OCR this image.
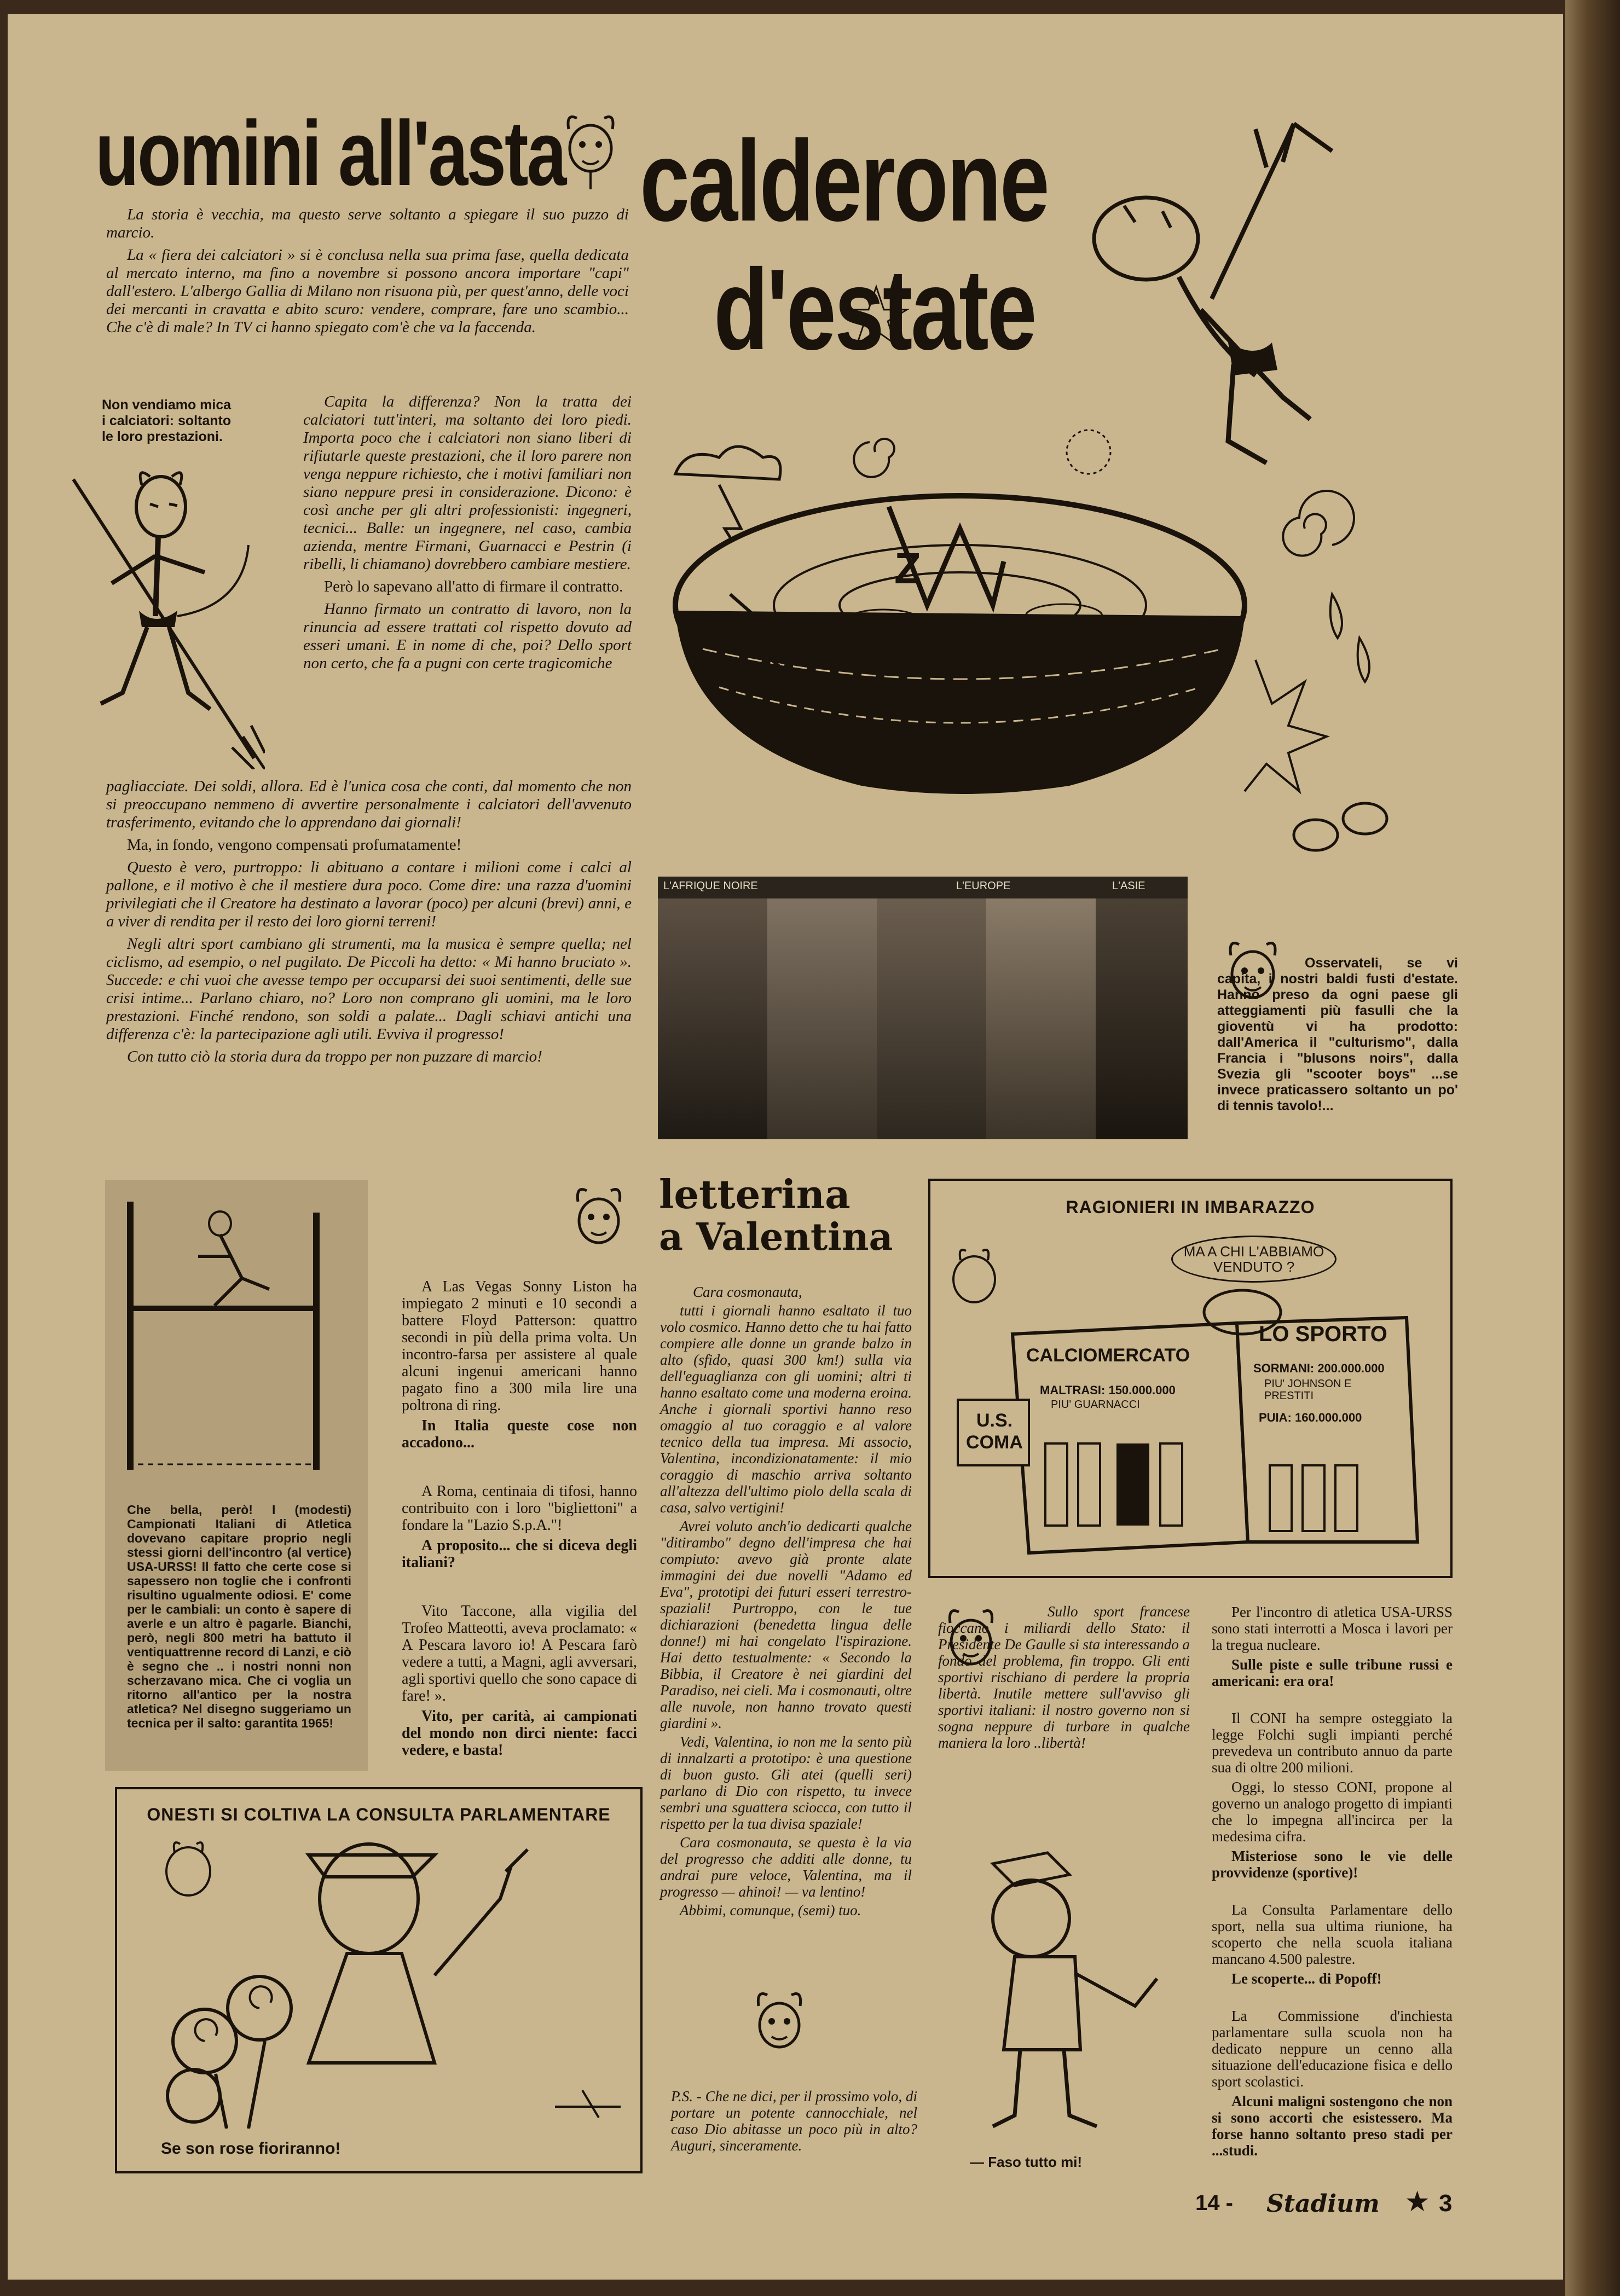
uomini all'asta

La storia è vecchia, ma questo serve soltanto a spiegare il suo puzzo di marcio.

La « fiera dei calciatori » si è conclusa nella sua prima fase, quella dedicata al mercato interno, ma fino a novembre si possono ancora importare "capi" dall'estero. L'albergo Gallia di Milano non risuona più, per quest'anno, delle voci dei mercanti in cravatta e abito scuro: vendere, comprare, fare uno scambio... Che c'è di male? In TV ci hanno spiegato com'è che va la faccenda.

Non vendiamo mica i calciatori: soltanto le loro prestazioni.

Capita la differenza? Non la tratta dei calciatori tutt'interi, ma soltanto dei loro piedi. Importa poco che i calciatori non siano liberi di rifiutarle queste prestazioni, che il loro parere non venga neppure richiesto, che i motivi familiari non siano neppure presi in considerazione. Dicono: è così anche per gli altri professionisti: ingegneri, tecnici... Balle: un ingegnere, nel caso, cambia azienda, mentre Firmani, Guarnacci e Pestrin (i ribelli, li chiamano) dovrebbero cambiare mestiere.

Però lo sapevano all'atto di firmare il contratto.

Hanno firmato un contratto di lavoro, non la rinuncia ad essere trattati col rispetto dovuto ad esseri umani. E in nome di che, poi? Dello sport non certo, che fa a pugni con certe tragicomiche

pagliacciate. Dei soldi, allora. Ed è l'unica cosa che conti, dal momento che non si preoccupano nemmeno di avvertire personalmente i calciatori dell'avvenuto trasferimento, evitando che lo apprendano dai giornali!

Ma, in fondo, vengono compensati profumatamente!

Questo è vero, purtroppo: li abituano a contare i milioni come i calci al pallone, e il motivo è che il mestiere dura poco. Come dire: una razza d'uomini privilegiati che il Creatore ha destinato a lavorar (poco) per alcuni (brevi) anni, e a viver di rendita per il resto dei loro giorni terreni!

Negli altri sport cambiano gli strumenti, ma la musica è sempre quella; nel ciclismo, ad esempio, o nel pugilato. De Piccoli ha detto: « Mi hanno bruciato ». Succede: e chi vuoi che avesse tempo per occuparsi dei suoi sentimenti, delle sue crisi intime... Parlano chiaro, no? Loro non comprano gli uomini, ma le loro prestazioni. Finché rendono, son soldi a palate... Dagli schiavi antichi una differenza c'è: la partecipazione agli utili. Evviva il progresso!

Con tutto ciò la storia dura da troppo per non puzzare di marcio!

calderone
d'estate
Z
L'AFRIQUE NOIRE	L'EUROPE	L'ASIE
Osservateli, se vi capita, i nostri baldi fusti d'estate. Hanno preso da ogni paese gli atteggiamenti più fasulli che la gioventù vi ha prodotto: dall'America il "culturismo", dalla Francia i "blusons noirs", dalla Svezia gli "scooter boys" ...se invece praticassero soltanto un po' di tennis tavolo!...
Che bella, però! I (modesti) Campionati Italiani di Atletica dovevano capitare proprio negli stessi giorni dell'incontro (al vertice) USA-URSS! Il fatto che certe cose si sapessero non toglie che i confronti risultino ugualmente odiosi. E' come per le cambiali: un conto è sapere di averle e un altro è pagarle. Bianchi, però, negli 800 metri ha battuto il ventiquattrenne record di Lanzi, e ciò è segno che .. i nostri nonni non scherzavano mica. Che ci voglia un ritorno all'antico per la nostra atletica? Nel disegno suggeriamo un tecnica per il salto: garantita 1965!

A Las Vegas Sonny Liston ha impiegato 2 minuti e 10 secondi a battere Floyd Patterson: quattro secondi in più della prima volta. Un incontro-farsa per assistere al quale alcuni ingenui americani hanno pagato fino a 300 mila lire una poltrona di ring.

In Italia queste cose non accadono...

A Roma, centinaia di tifosi, hanno contribuito con i loro "bigliettoni" a fondare la "Lazio S.p.A."!

A proposito... che si diceva degli italiani?

Vito Taccone, alla vigilia del Trofeo Matteotti, aveva proclamato: « A Pescara lavoro io! A Pescara farò vedere a tutti, a Magni, agli avversari, agli sportivi quello che sono capace di fare! ».

Vito, per carità, ai campionati del mondo non dirci niente: facci vedere, e basta!

ONESTI SI COLTIVA LA CONSULTA PARLAMENTARE
Se son rose fioriranno!
letterina
a Valentina

Cara cosmonauta,

tutti i giornali hanno esaltato il tuo volo cosmico. Hanno detto che tu hai fatto compiere alle donne un grande balzo in alto (sfido, quasi 300 km!) sulla via dell'eguaglianza con gli uomini; altri ti hanno esaltato come una moderna eroina. Anche i giornali sportivi hanno reso omaggio al tuo coraggio e al valore tecnico della tua impresa. Mi associo, Valentina, incondizionatamente: il mio coraggio di maschio arriva soltanto all'altezza dell'ultimo piolo della scala di casa, salvo vertigini!

Avrei voluto anch'io dedicarti qualche "ditirambo" degno dell'impresa che hai compiuto: avevo già pronte alate immagini dei due novelli "Adamo ed Eva", prototipi dei futuri esseri terrestro-spaziali! Purtroppo, con le tue dichiarazioni (benedetta lingua delle donne!) mi hai congelato l'ispirazione. Hai detto testualmente: « Secondo la Bibbia, il Creatore è nei giardini del Paradiso, nei cieli. Ma i cosmonauti, oltre alle nuvole, non hanno trovato questi giardini ».

Vedi, Valentina, io non me la sento più di innalzarti a prototipo: è una questione di buon gusto. Gli atei (quelli seri) parlano di Dio con rispetto, tu invece sembri una sguattera sciocca, con tutto il rispetto per la tua divisa spaziale!

Cara cosmonauta, se questa è la via del progresso che additi alle donne, tu andrai pure veloce, Valentina, ma il progresso — ahinoi! — va lentino!

Abbimi, comunque, (semi) tuo.

P.S. - Che ne dici, per il prossimo volo, di portare un potente cannocchiale, nel caso Dio abitasse un poco più in alto? Auguri, sinceramente.
RAGIONIERI IN IMBARAZZO
MA A CHI L'ABBIAMO VENDUTO ?
U.S.
COMA
CALCIOMERCATO
MALTRASI: 150.000.000
PIU' GUARNACCI
LO SPORTO
SORMANI: 200.000.000
PIU' JOHNSON E PRESTITI
PUIA: 160.000.000
Sullo sport francese fioccano i miliardi dello Stato: il Presidente De Gaulle si sta interessando a fondo del problema, fin troppo. Gli enti sportivi rischiano di perdere la propria libertà. Inutile mettere sull'avviso gli sportivi italiani: il nostro governo non si sogna neppure di turbare in qualche maniera la loro ..libertà!
— Faso tutto mi!

Per l'incontro di atletica USA-URSS sono stati interrotti a Mosca i lavori per la tregua nucleare.

Sulle piste e sulle tribune russi e americani: era ora!

Il CONI ha sempre osteggiato la legge Folchi sugli impianti perché prevedeva un contributo annuo da parte sua di oltre 200 milioni.

Oggi, lo stesso CONI, propone al governo un analogo progetto di impianti che lo impegna all'incirca per la medesima cifra.

Misteriose sono le vie delle provvidenze (sportive)!

La Consulta Parlamentare dello sport, nella sua ultima riunione, ha scoperto che nella scuola italiana mancano 4.500 palestre.

Le scoperte... di Popoff!

La Commissione d'inchiesta parlamentare sulla scuola non ha dedicato neppure un cenno alla situazione dell'educazione fisica e dello sport scolastici.

Alcuni maligni sostengono che non si sono accorti che esistessero. Ma forse hanno soltanto preso stadi per ...studi.

14 - Stadium ★ 3
